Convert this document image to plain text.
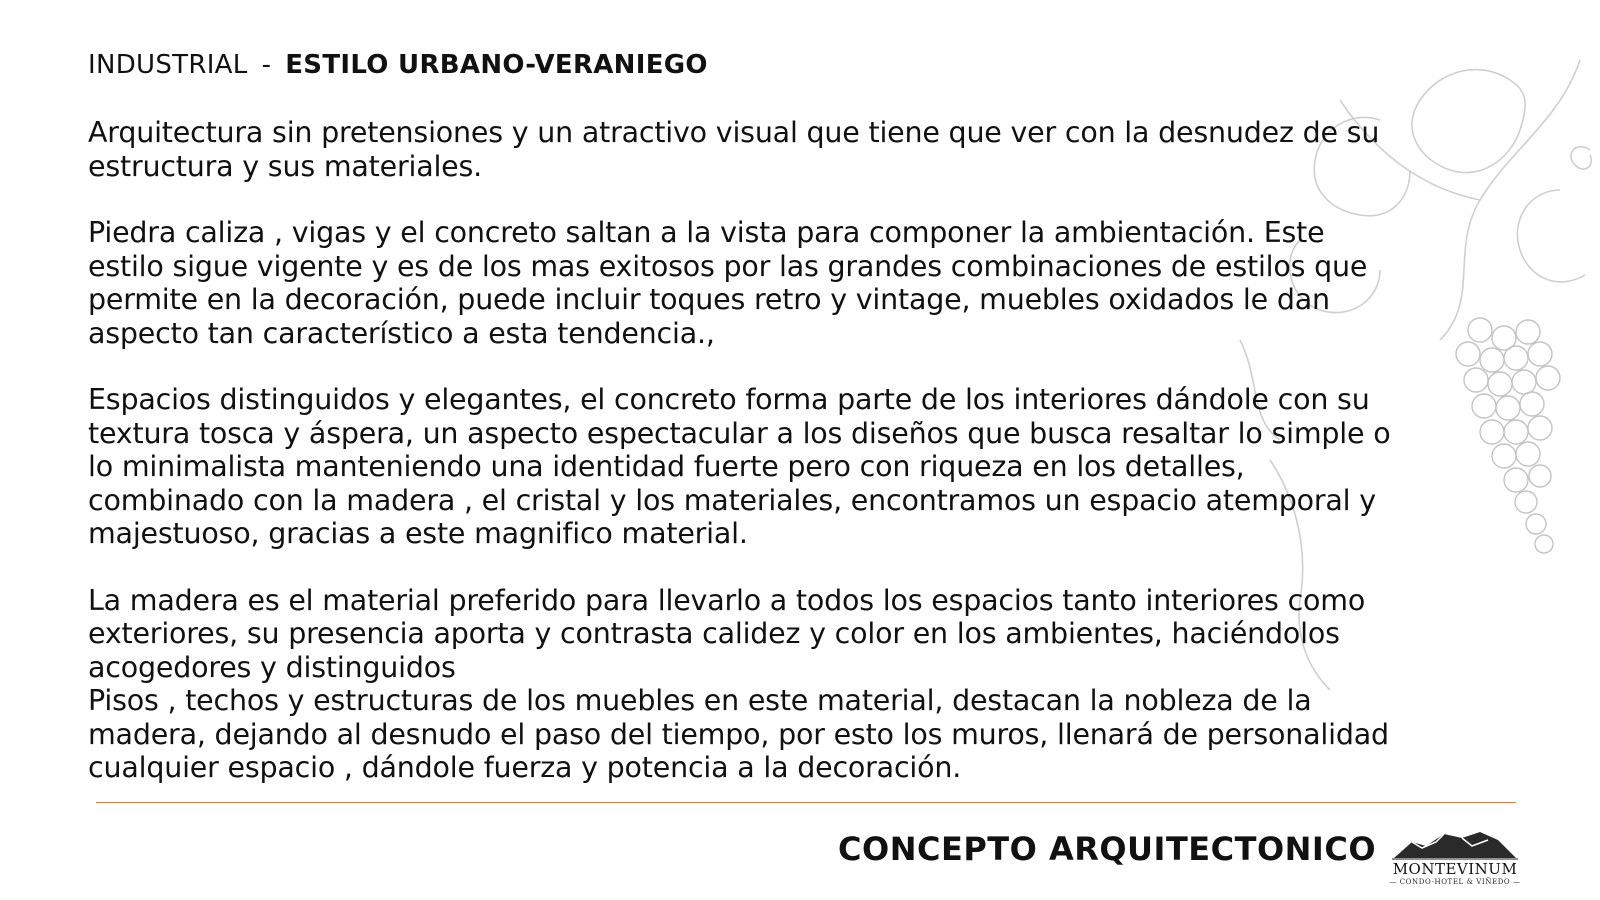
INDUSTRIAL - ESTILO URBANO-VERANIEGO

Arquitectura sin pretensiones y un atractivo visual que tiene que ver con la desnudez de su estructura y sus materiales.

Piedra caliza , vigas y el concreto saltan a la vista para componer la ambientación. Este estilo sigue vigente y es de los mas exitosos por las grandes combinaciones de estilos que permite en la decoración, puede incluir toques retro y vintage, muebles oxidados le dan aspecto tan característico a esta tendencia.,

Espacios distinguidos y elegantes, el concreto forma parte de los interiores dándole con su textura tosca y áspera, un aspecto espectacular a los diseños que busca resaltar lo simple o lo minimalista manteniendo una identidad fuerte pero con riqueza en los detalles, combinado con la madera , el cristal y los materiales, encontramos un espacio atemporal y majestuoso, gracias a este magnifico material.

La madera es el material preferido para llevarlo a todos los espacios tanto interiores como exteriores, su presencia aporta y contrasta calidez y color en los ambientes, haciéndolos acogedores y distinguidos

Pisos , techos y estructuras de los muebles en este material, destacan la nobleza de la madera, dejando al desnudo el paso del tiempo, por esto los muros, llenará de personalidad cualquier espacio , dándole fuerza y potencia a la decoración.

CONCEPTO ARQUITECTONICO
MONTEVINUM
— CONDO-HOTEL & VIÑEDO —
